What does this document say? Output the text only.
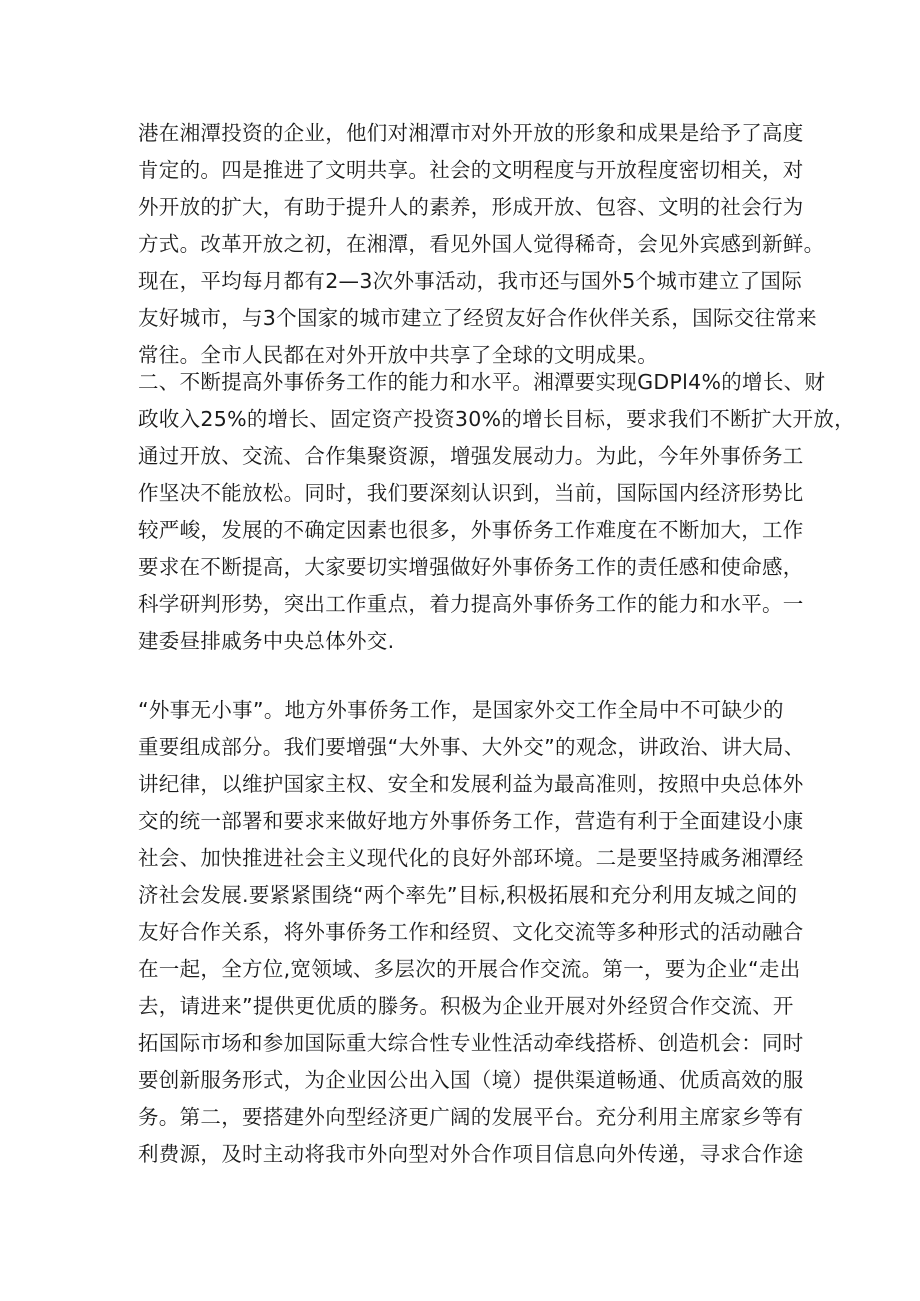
港在湘潭投资的企业，他们对湘潭市对外开放的形象和成果是给予了高度
肯定的。四是推进了文明共享。社会的文明程度与开放程度密切相关，对
外开放的扩大，有助于提升人的素养，形成开放、包容、文明的社会行为
方式。改革开放之初，在湘潭，看见外国人觉得稀奇，会见外宾感到新鲜。
现在，平均每月都有2—3次外事活动，我市还与国外5个城市建立了国际
友好城市，与3个国家的城市建立了经贸友好合作伙伴关系，国际交往常来
常往。全市人民都在对外开放中共享了全球的文明成果。
二、不断提高外事侨务工作的能力和水平。湘潭要实现GDPl4%的增长、财
政收入25%的增长、固定资产投资30%的增长目标，要求我们不断扩大开放，
通过开放、交流、合作集聚资源，增强发展动力。为此，今年外事侨务工
作坚决不能放松。同时，我们要深刻认识到，当前，国际国内经济形势比
较严峻，发展的不确定因素也很多，外事侨务工作难度在不断加大，工作
要求在不断提高，大家要切实增强做好外事侨务工作的责任感和使命感，
科学研判形势，突出工作重点，着力提高外事侨务工作的能力和水平。一
建委昼排戚务中央总体外交.
“外事无小事”。地方外事侨务工作，是国家外交工作全局中不可缺少的
重要组成部分。我们要增强“大外事、大外交”的观念，讲政治、讲大局、
讲纪律，以维护国家主权、安全和发展利益为最高准则，按照中央总体外
交的统一部署和要求来做好地方外事侨务工作，营造有利于全面建设小康
社会、加快推进社会主义现代化的良好外部环境。二是要坚持戚务湘潭经
济社会发展.要紧紧围绕“两个率先”目标,积极拓展和充分利用友城之间的
友好合作关系，将外事侨务工作和经贸、文化交流等多种形式的活动融合
在一起，全方位,宽领域、多层次的开展合作交流。第一，要为企业“走出
去，请进来”提供更优质的滕务。积极为企业开展对外经贸合作交流、开
拓国际市场和参加国际重大综合性专业性活动牵线搭桥、创造机会：同时
要创新服务形式，为企业因公出入国（境）提供渠道畅通、优质高效的服
务。第二，要搭建外向型经济更广阔的发展平台。充分利用主席家乡等有
利费源，及时主动将我市外向型对外合作项目信息向外传递，寻求合作途
